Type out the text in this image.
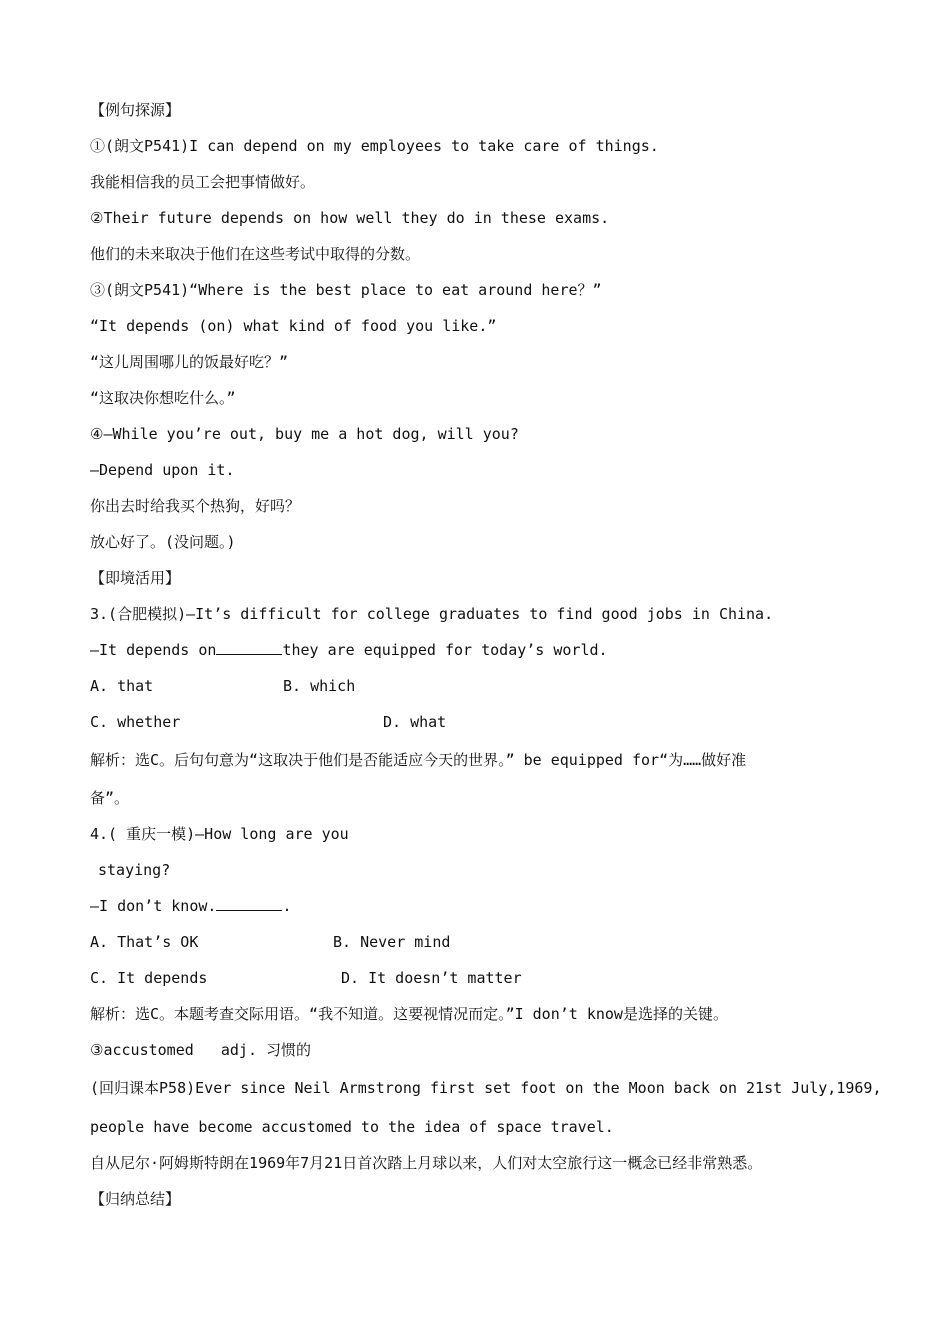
【例句探源】
①(朗文P541)I can depend on my employees to take care of things.
我能相信我的员工会把事情做好。
②Their future depends on how well they do in these exams.
他们的未来取决于他们在这些考试中取得的分数。
③(朗文P541)“Where is the best place to eat around here？”
“It depends (on) what kind of food you like.”
“这儿周围哪儿的饭最好吃？”
“这取决你想吃什么。”
④—While you’re out, buy me a hot dog, will you?
—Depend upon it.
你出去时给我买个热狗，好吗？
放心好了。(没问题。)
【即境活用】
3.(合肥模拟)—It’s difficult for college graduates to find good jobs in China.
—It depends on	they are equipped for today’s world.
A. that	B. which
C. whether	D. what
解析：选C。后句句意为“这取决于他们是否能适应今天的世界。” be equipped for“为……做好准
备”。
4.( 重庆一模)—How long are you
staying?
—I don’t know.	.
A. That’s OK	B. Never mind
C. It depends	D. It doesn’t matter
解析：选C。本题考查交际用语。“我不知道。这要视情况而定。”I don’t know是选择的关键。
③accustomed   adj. 习惯的
(回归课本P58)Ever since Neil Armstrong first set foot on the Moon back on 21st July,1969,
people have become accustomed to the idea of space travel.
自从尼尔·阿姆斯特朗在1969年7月21日首次踏上月球以来，人们对太空旅行这一概念已经非常熟悉。
【归纳总结】
